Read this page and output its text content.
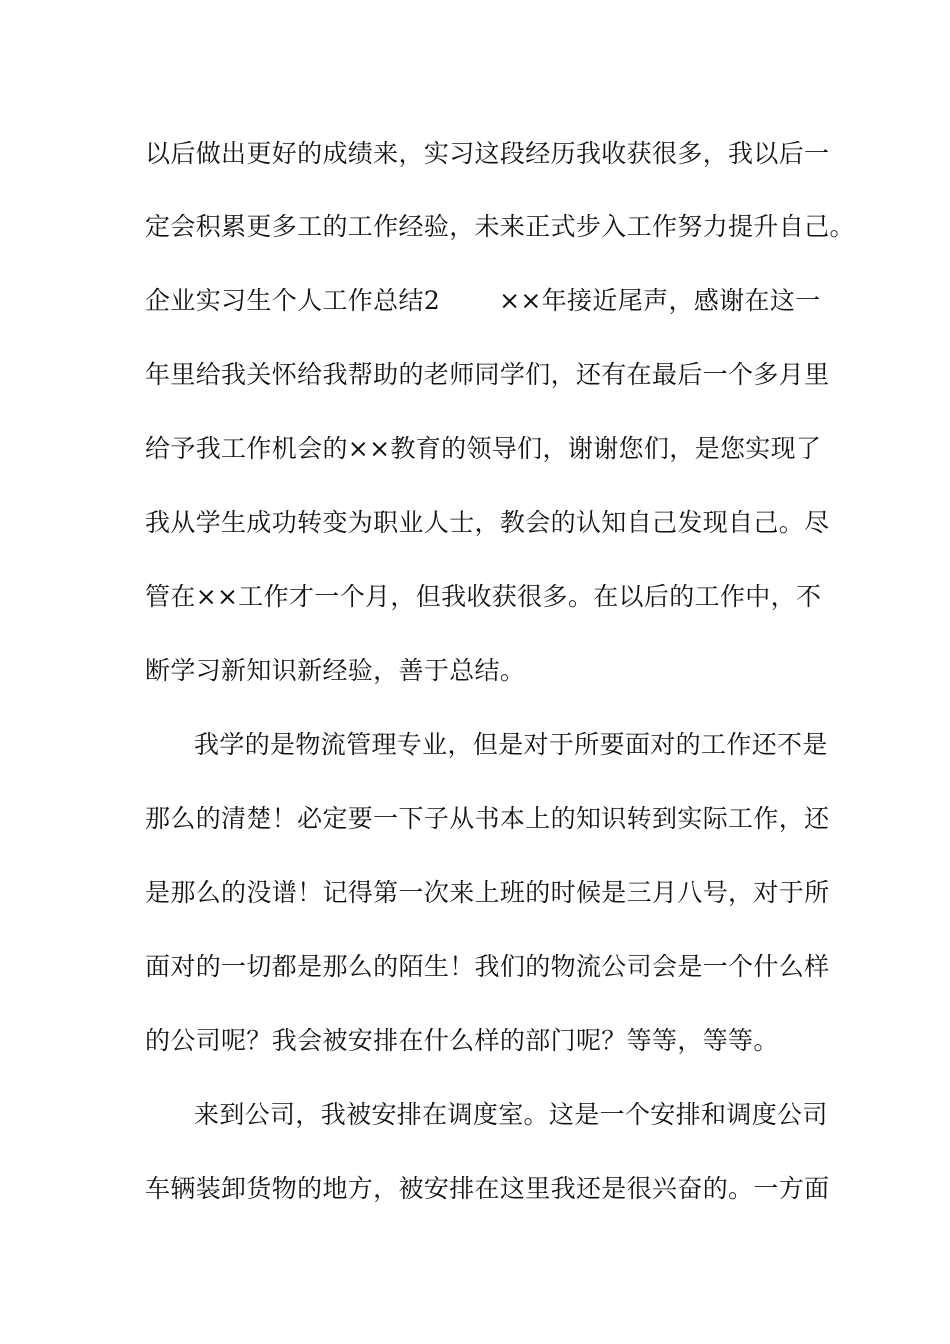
以后做出更好的成绩来，实习这段经历我收获很多，我以后一
定会积累更多工的工作经验，未来正式步入工作努力提升自己。
企业实习生个人工作总结2　　 ××年接近尾声，感谢在这一
年里给我关怀给我帮助的老师同学们，还有在最后一个多月里
给予我工作机会的××教育的领导们，谢谢您们，是您实现了
我从学生成功转变为职业人士，教会的认知自己发现自己。尽
管在××工作才一个月，但我收获很多。在以后的工作中，不
断学习新知识新经验，善于总结。
我学的是物流管理专业，但是对于所要面对的工作还不是
那么的清楚！必定要一下子从书本上的知识转到实际工作，还
是那么的没谱！记得第一次来上班的时候是三月八号，对于所
面对的一切都是那么的陌生！我们的物流公司会是一个什么样
的公司呢？我会被安排在什么样的部门呢？等等，等等。
来到公司，我被安排在调度室。这是一个安排和调度公司
车辆装卸货物的地方，被安排在这里我还是很兴奋的。一方面
